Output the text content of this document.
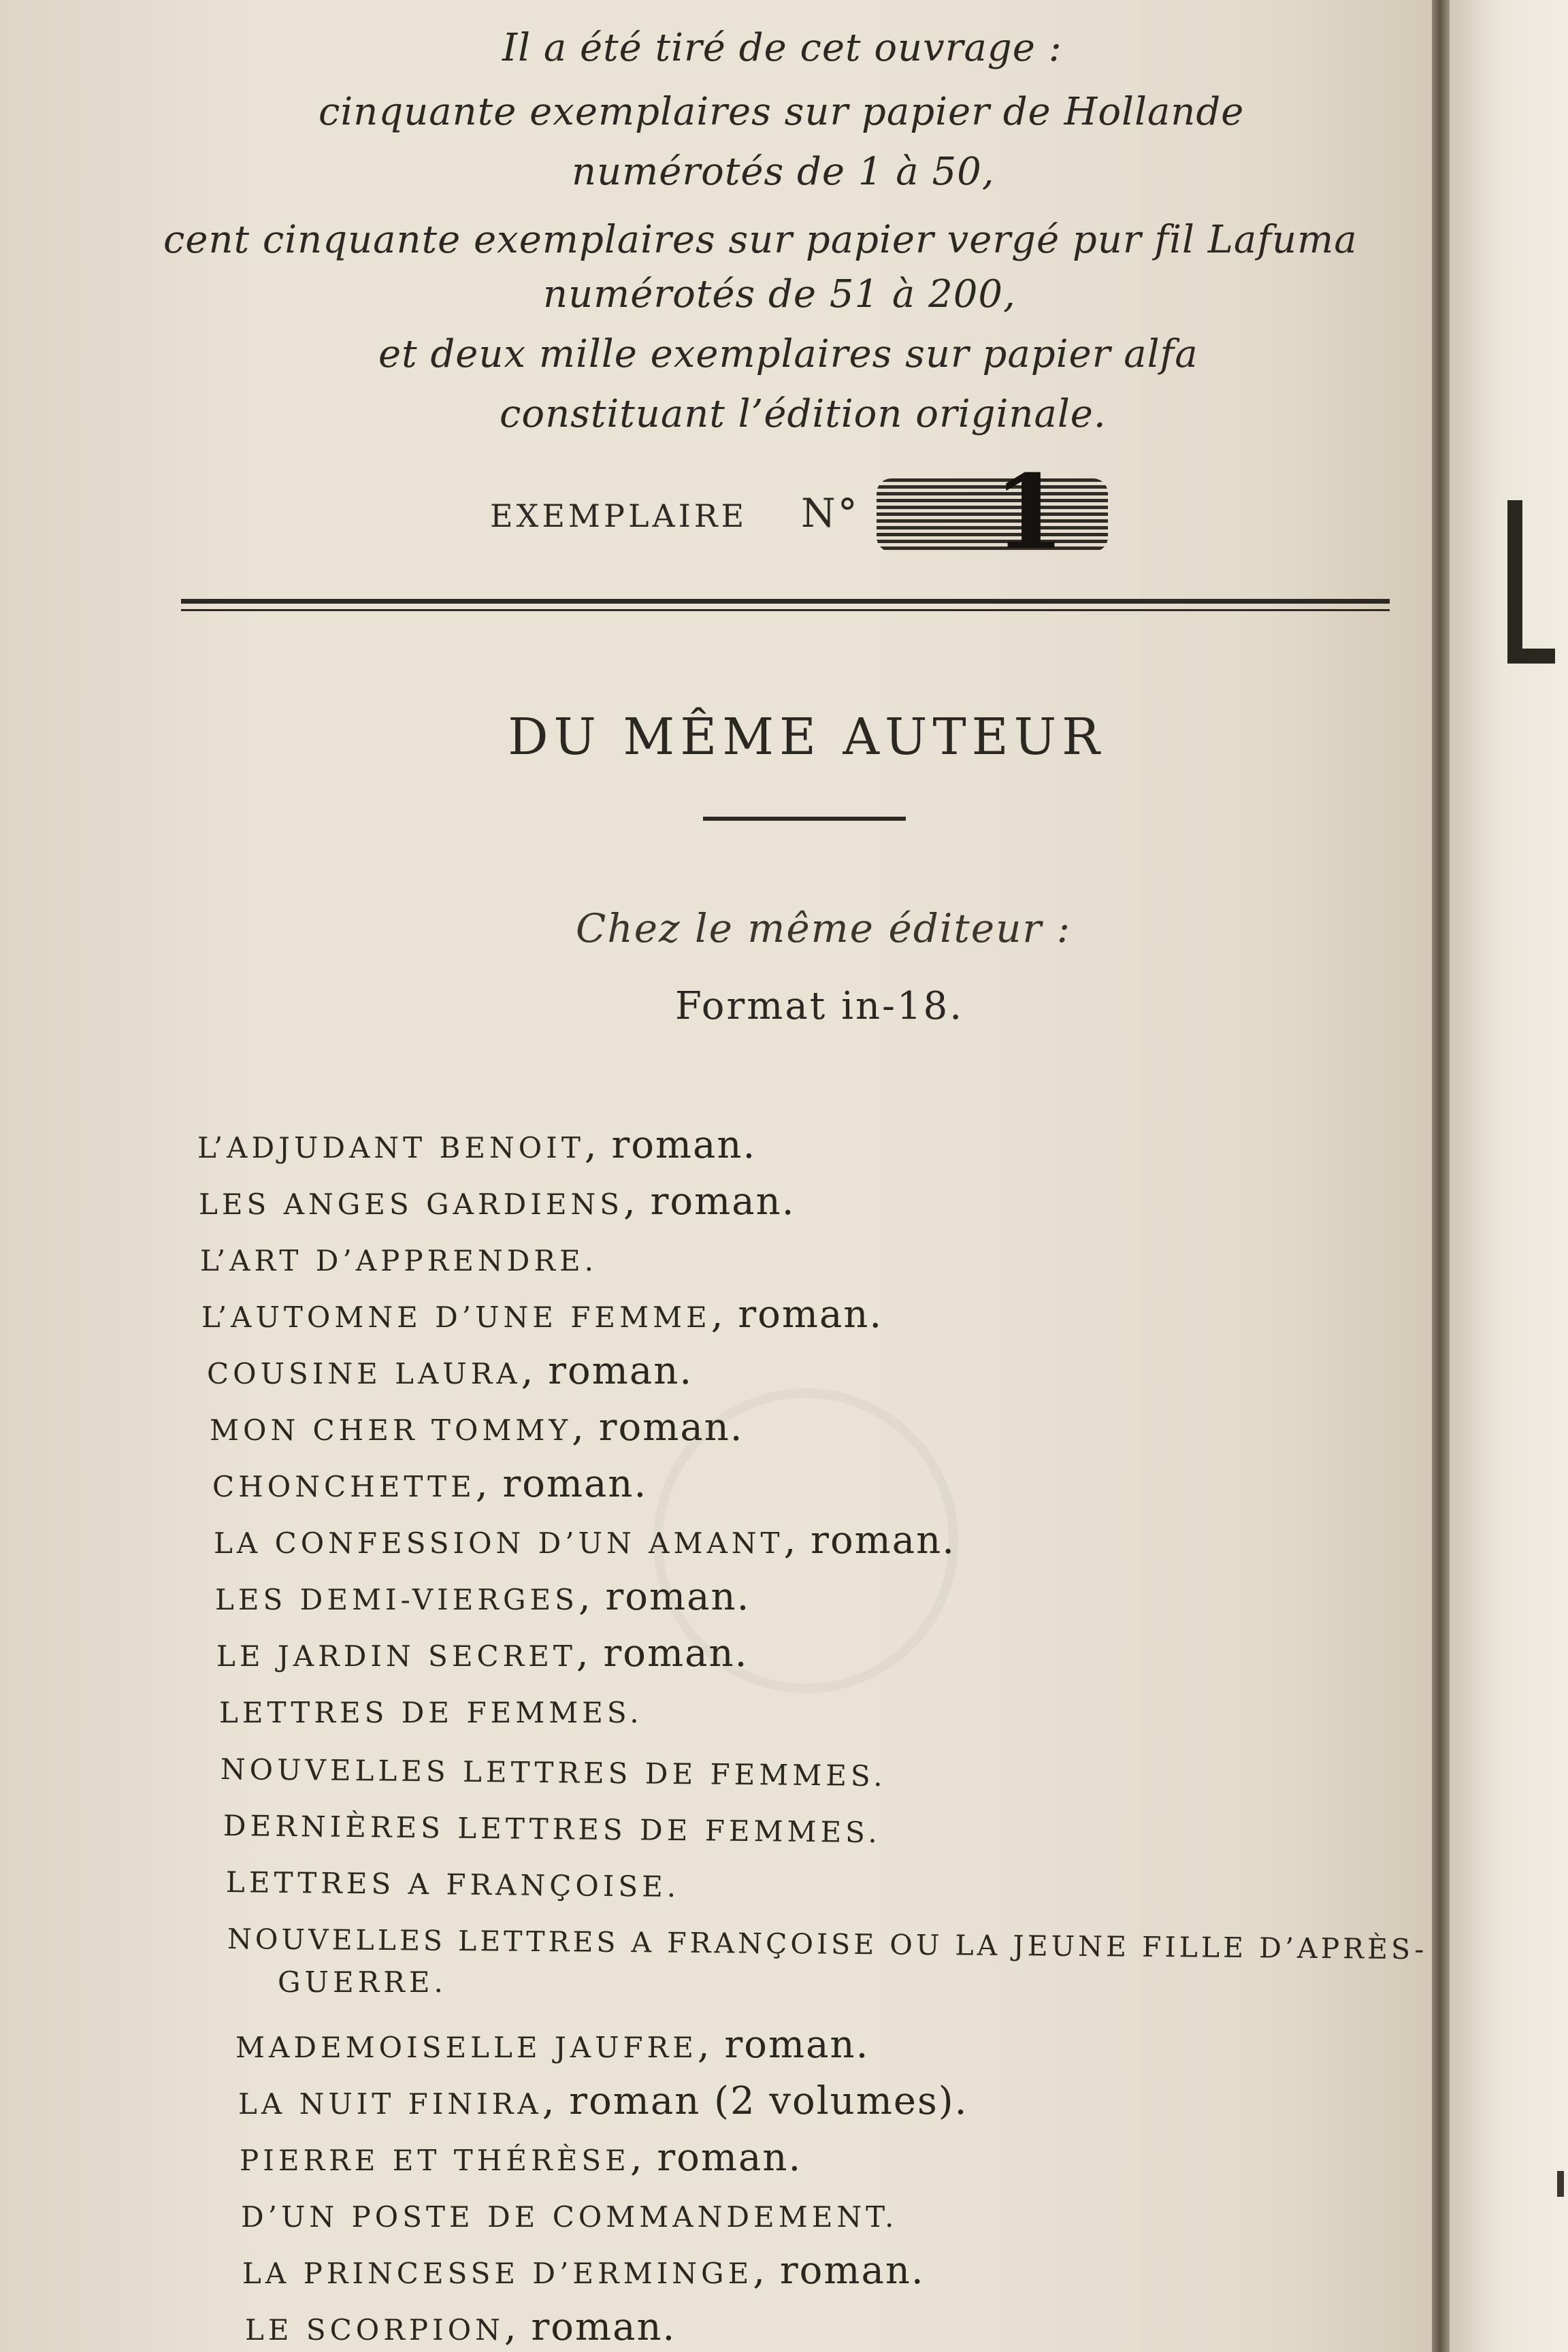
Il a été tiré de cet ouvrage :
cinquante exemplaires sur papier de Hollande
numérotés de 1 à 50,
cent cinquante exemplaires sur papier vergé pur fil Lafuma
numérotés de 51 à 200,
et deux mille exemplaires sur papier alfa
constituant l’édition originale.
EXEMPLAIRE N° 1
DU MÊME AUTEUR
Chez le même éditeur :
Format in-18.
L’ADJUDANT BENOIT, roman.
LES ANGES GARDIENS, roman.
L’ART D’APPRENDRE.
L’AUTOMNE D’UNE FEMME, roman.
COUSINE LAURA, roman.
MON CHER TOMMY, roman.
CHONCHETTE, roman.
LA CONFESSION D’UN AMANT, roman.
LES DEMI-VIERGES, roman.
LE JARDIN SECRET, roman.
LETTRES DE FEMMES.
NOUVELLES LETTRES DE FEMMES.
DERNIÈRES LETTRES DE FEMMES.
LETTRES A FRANÇOISE.
NOUVELLES LETTRES A FRANÇOISE OU LA JEUNE FILLE D’APRÈS-
GUERRE.
MADEMOISELLE JAUFRE, roman.
LA NUIT FINIRA, roman (2 volumes).
PIERRE ET THÉRÈSE, roman.
D’UN POSTE DE COMMANDEMENT.
LA PRINCESSE D’ERMINGE, roman.
LE SCORPION, roman.
